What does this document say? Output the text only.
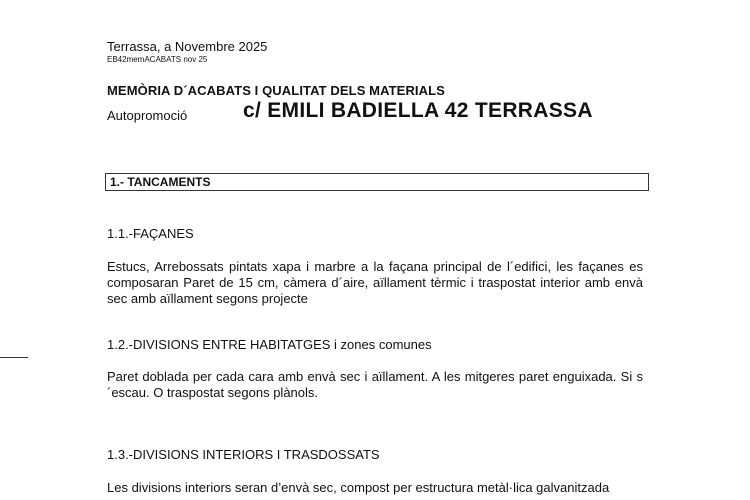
Terrassa, a Novembre 2025
EB42memACABATS nov 25
MEMÒRIA D´ACABATS I QUALITAT DELS MATERIALS
Autopromoció	c/ EMILI BADIELLA 42 TERRASSA
1.- TANCAMENTS
1.1.-FAÇANES
Estucs, Arrebossats pintats xapa i marbre a la façana principal de l´edifici, les façanes es composaran Paret de 15 cm, càmera d´aire, aïllament tèrmic i traspostat interior amb envà sec amb aïllament segons projecte
1.2.-DIVISIONS ENTRE HABITATGES i zones comunes
Paret doblada per cada cara amb envà sec i aïllament. A les mitgeres paret enguixada. Si s´escau. O traspostat segons plànols.
1.3.-DIVISIONS INTERIORS I TRASDOSSATS
Les divisions interiors seran d’envà sec, compost per estructura metàl·lica galvanitzada
